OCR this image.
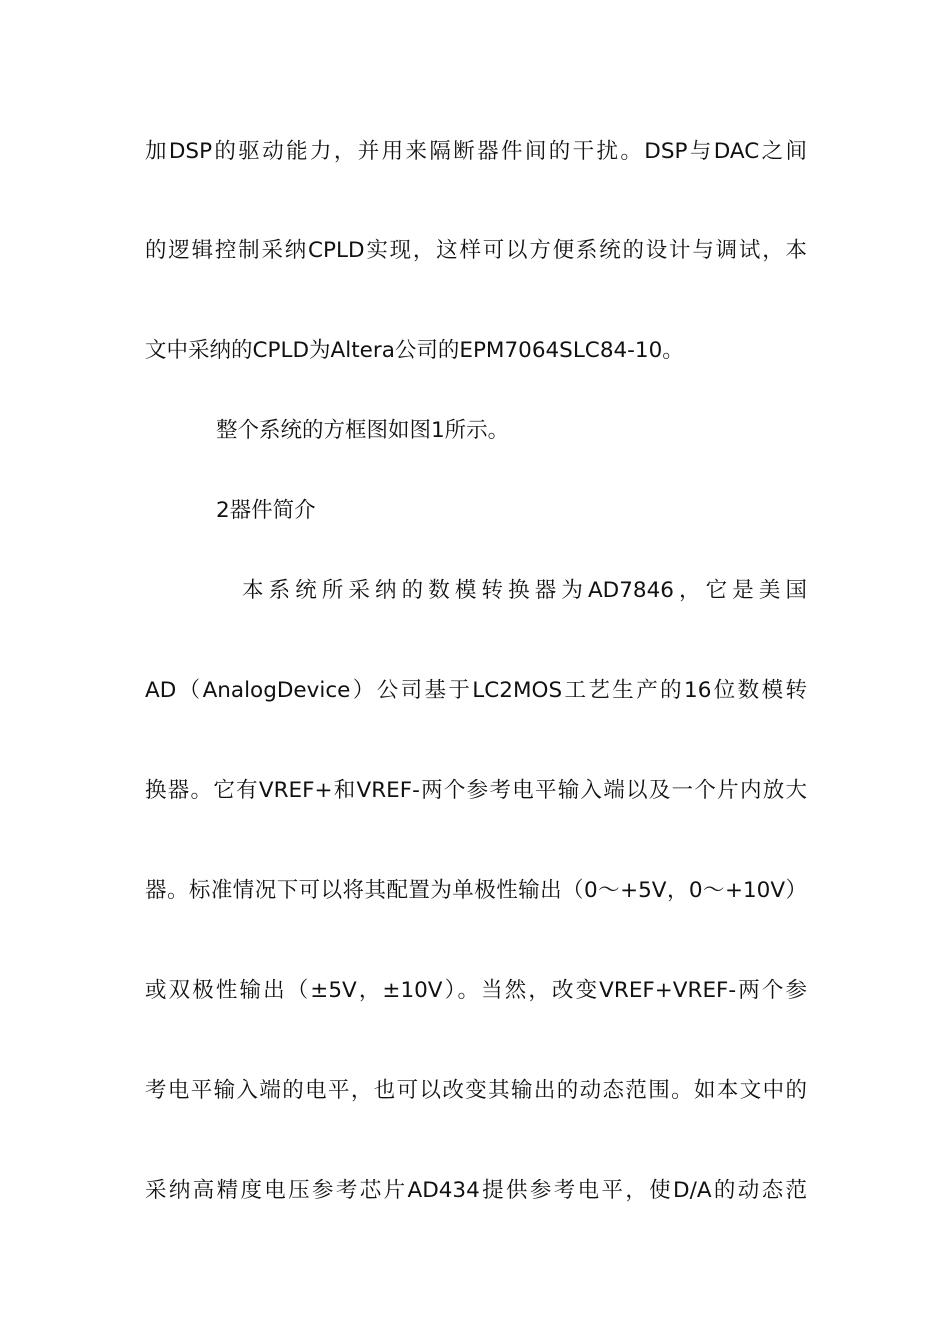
加DSP的驱动能力，并用来隔断器件间的干扰。DSP与DAC之间
的逻辑控制采纳CPLD实现，这样可以方便系统的设计与调试，本
文中采纳的CPLD为Altera公司的EPM7064SLC84-10。
整个系统的方框图如图1所示。
2器件简介
本系统所采纳的数模转换器为AD7846，它是美国
AD（AnalogDevice）公司基于LC2MOS工艺生产的16位数模转
换器。它有VREF+和VREF-两个参考电平输入端以及一个片内放大
器。标准情况下可以将其配置为单极性输出（0～+5V，0～+10V）
或双极性输出（±5V，±10V）。当然，改变VREF+VREF-两个参
考电平输入端的电平，也可以改变其输出的动态范围。如本文中的
采纳高精度电压参考芯片AD434提供参考电平，使D/A的动态范
